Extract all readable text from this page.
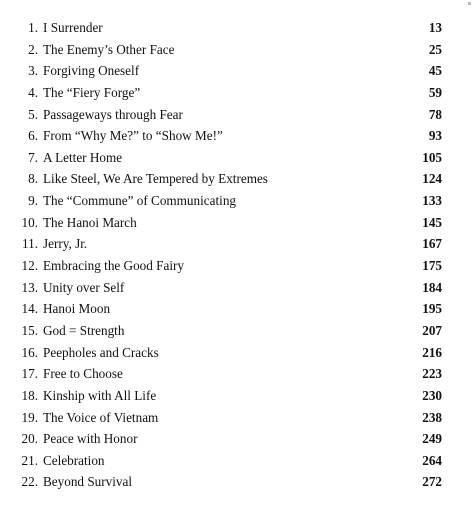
1. I Surrender	13
2. The Enemy’s Other Face	25
3. Forgiving Oneself	45
4. The “Fiery Forge”	59
5. Passageways through Fear	78
6. From “Why Me?” to “Show Me!”	93
7. A Letter Home	105
8. Like Steel, We Are Tempered by Extremes	124
9. The “Commune” of Communicating	133
10. The Hanoi March	145
11. Jerry, Jr.	167
12. Embracing the Good Fairy	175
13. Unity over Self	184
14. Hanoi Moon	195
15. God = Strength	207
16. Peepholes and Cracks	216
17. Free to Choose	223
18. Kinship with All Life	230
19. The Voice of Vietnam	238
20. Peace with Honor	249
21. Celebration	264
22. Beyond Survival	272
